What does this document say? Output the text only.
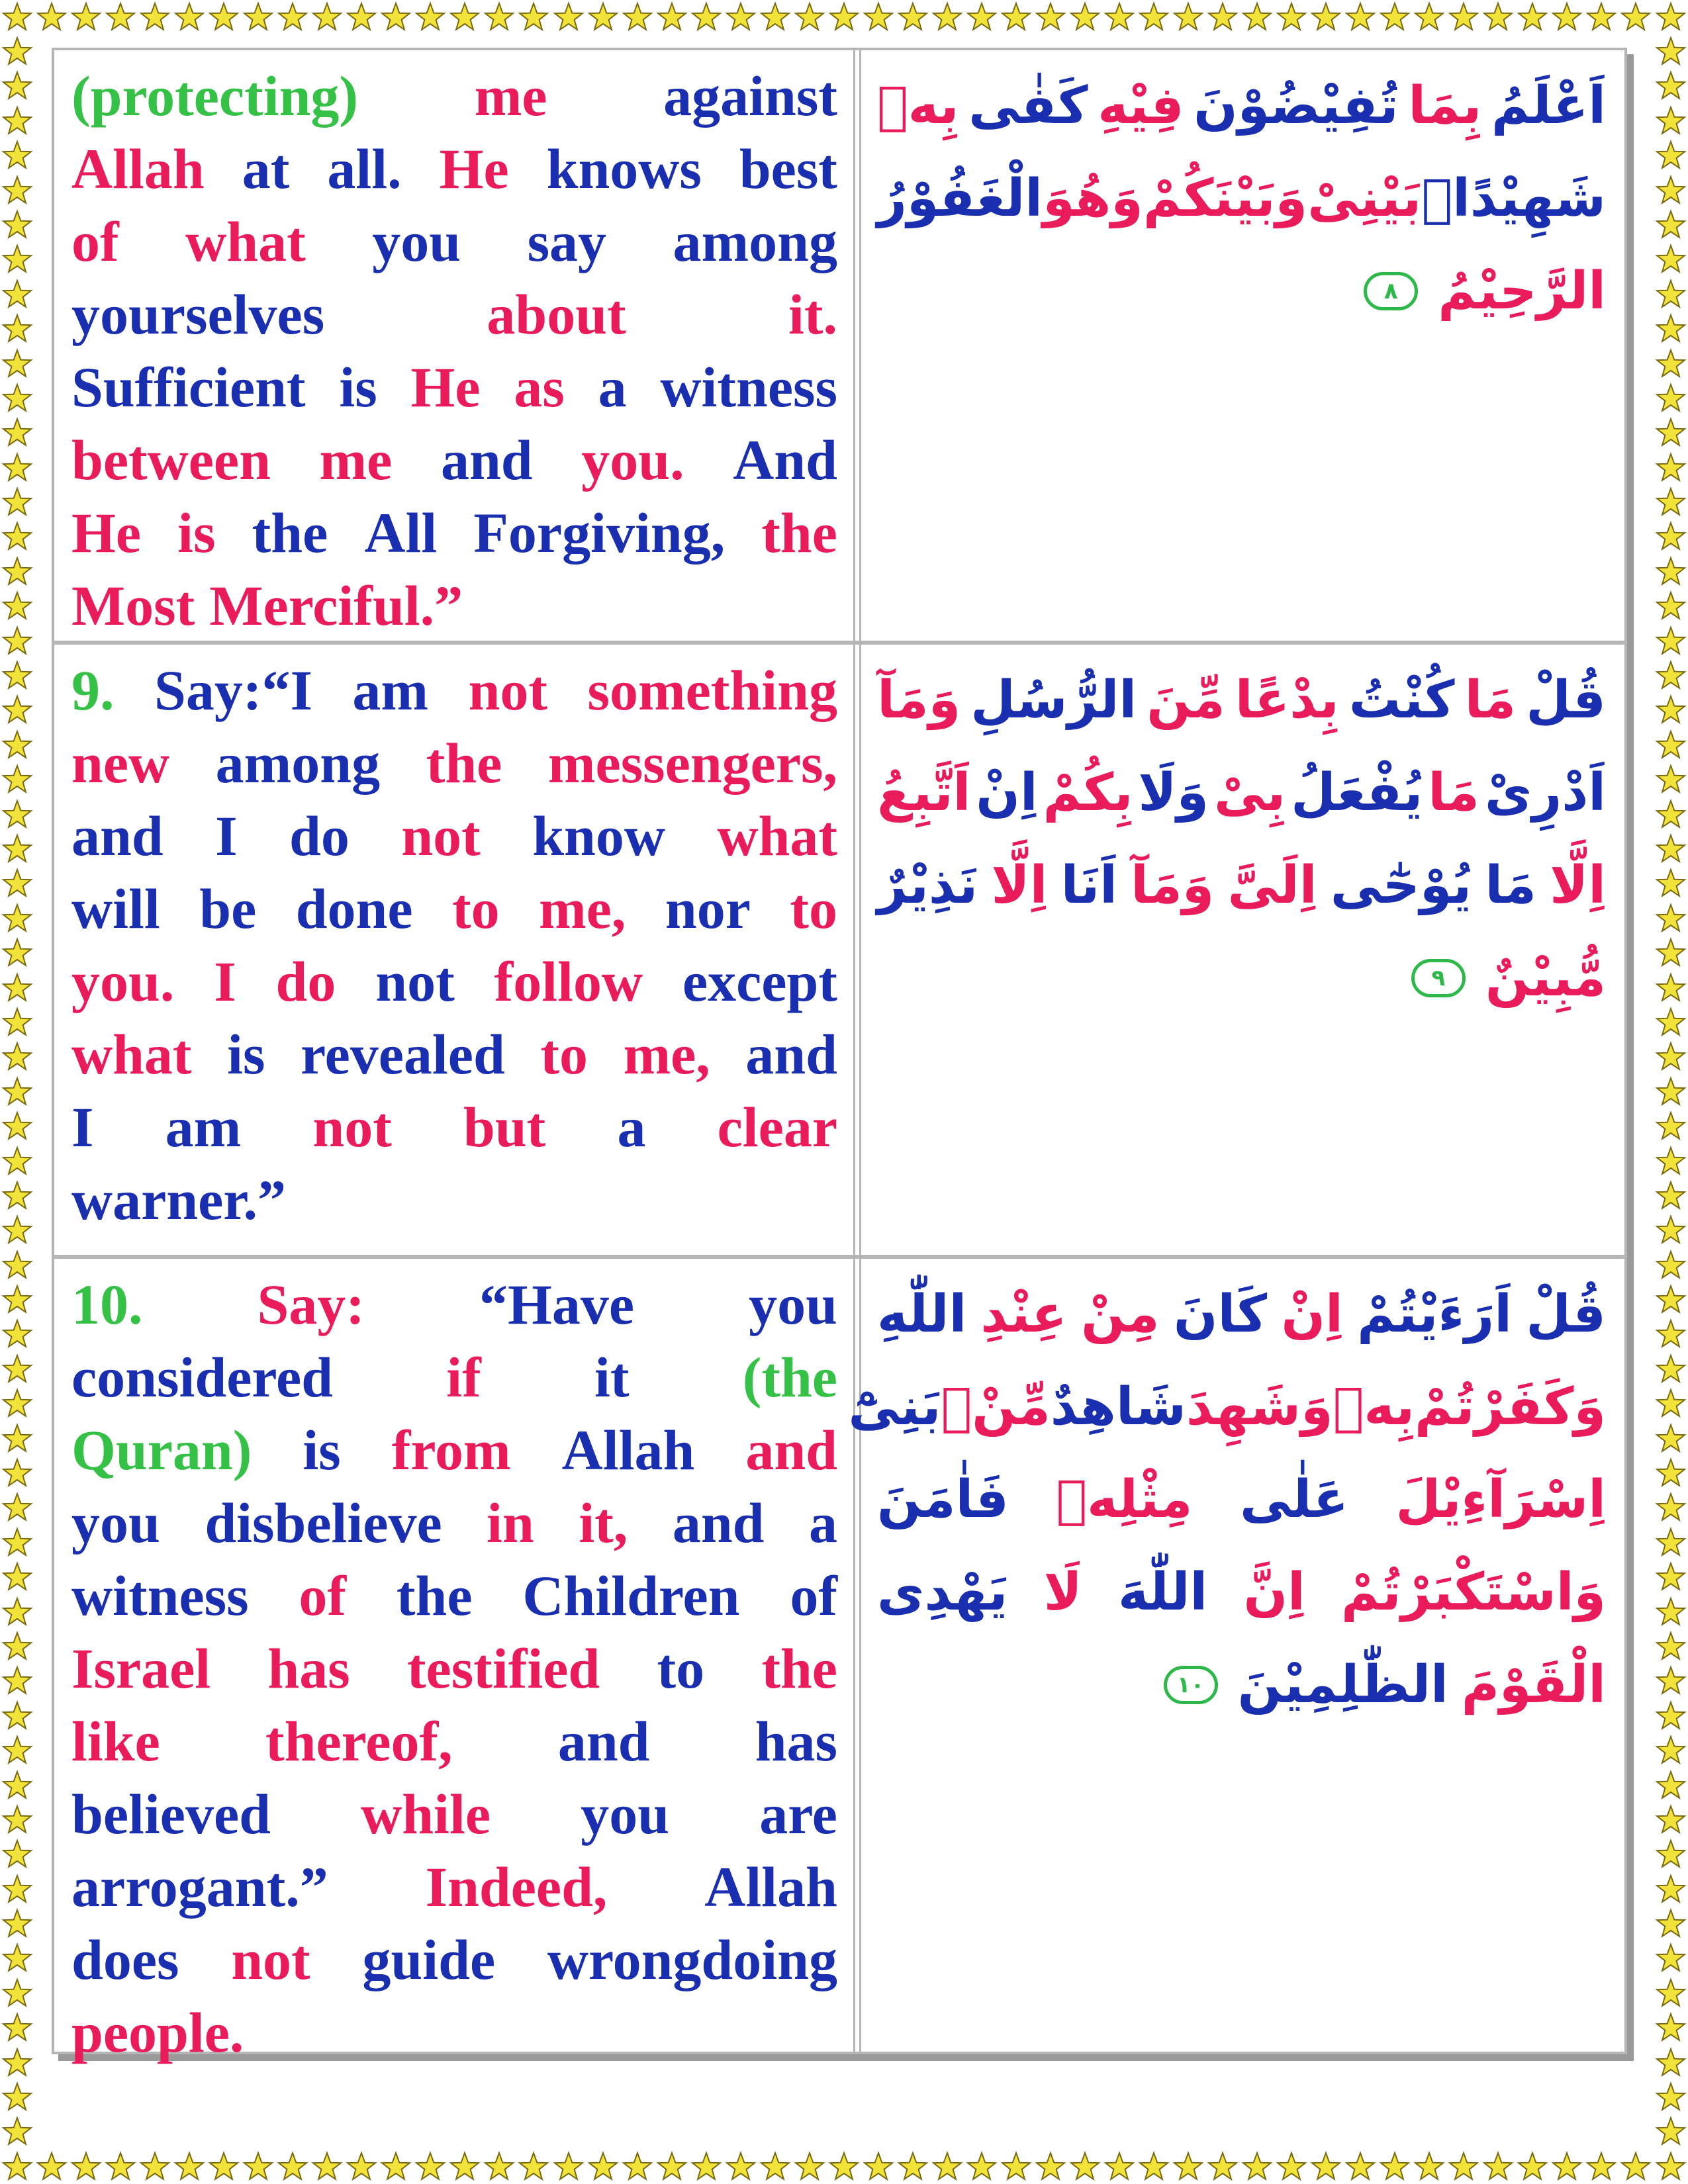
(protecting) me against
Allah at all. He knows best
of what you say among
yourselves	about	it.
Sufficient is He as a witness
between me and you. And
He is the All Forgiving, the
Most Merciful.”
اَعْلَمُ
بِمَا
تُفِيْضُوْنَ
فِيْهِ
كَفٰى
بِهٖ
شَهِيْدًاۢ
بَيْنِىْ
وَبَيْنَكُمْ
وَهُوَ
الْغَفُوْرُ
الرَّحِيْمُ
٨
9. Say:“I am not something
new among the messengers,
and I do not know what
will be done to me, nor to
you. I do not follow except
what is revealed to me, and
I am not but a clear
warner.”
قُلْ
مَا
كُنْتُ
بِدْعًا
مِّنَ
الرُّسُلِ
وَمَآ
اَدْرِىْ
مَا
يُفْعَلُ
بِىْ
وَلَا
بِكُمْ
اِنْ
اَتَّبِعُ
اِلَّا
مَا
يُوْحٰٓى
اِلَىَّ
وَمَآ
اَنَا
اِلَّا
نَذِيْرٌ
مُّبِيْنٌ
٩
10. Say: “Have you
considered if it (the
Quran) is from Allah and
you disbelieve in it, and a
witness of the Children of
Israel has testified to the
like thereof, and has
believed while you are
arrogant.” Indeed, Allah
does not guide wrongdoing
people.
قُلْ
اَرَءَيْتُمْ
اِنْ
كَانَ
مِنْ
عِنْدِ
اللّٰهِ
وَكَفَرْتُمْ
بِهٖ
وَشَهِدَ
شَاهِدٌ
مِّنْۢ
بَنِىْٓ
اِسْرَآءِيْلَ
عَلٰى
مِثْلِهٖ
فَاٰمَنَ
وَاسْتَكْبَرْتُمْ
اِنَّ
اللّٰهَ
لَا
يَهْدِى
الْقَوْمَ
الظّٰلِمِيْنَ
١٠
